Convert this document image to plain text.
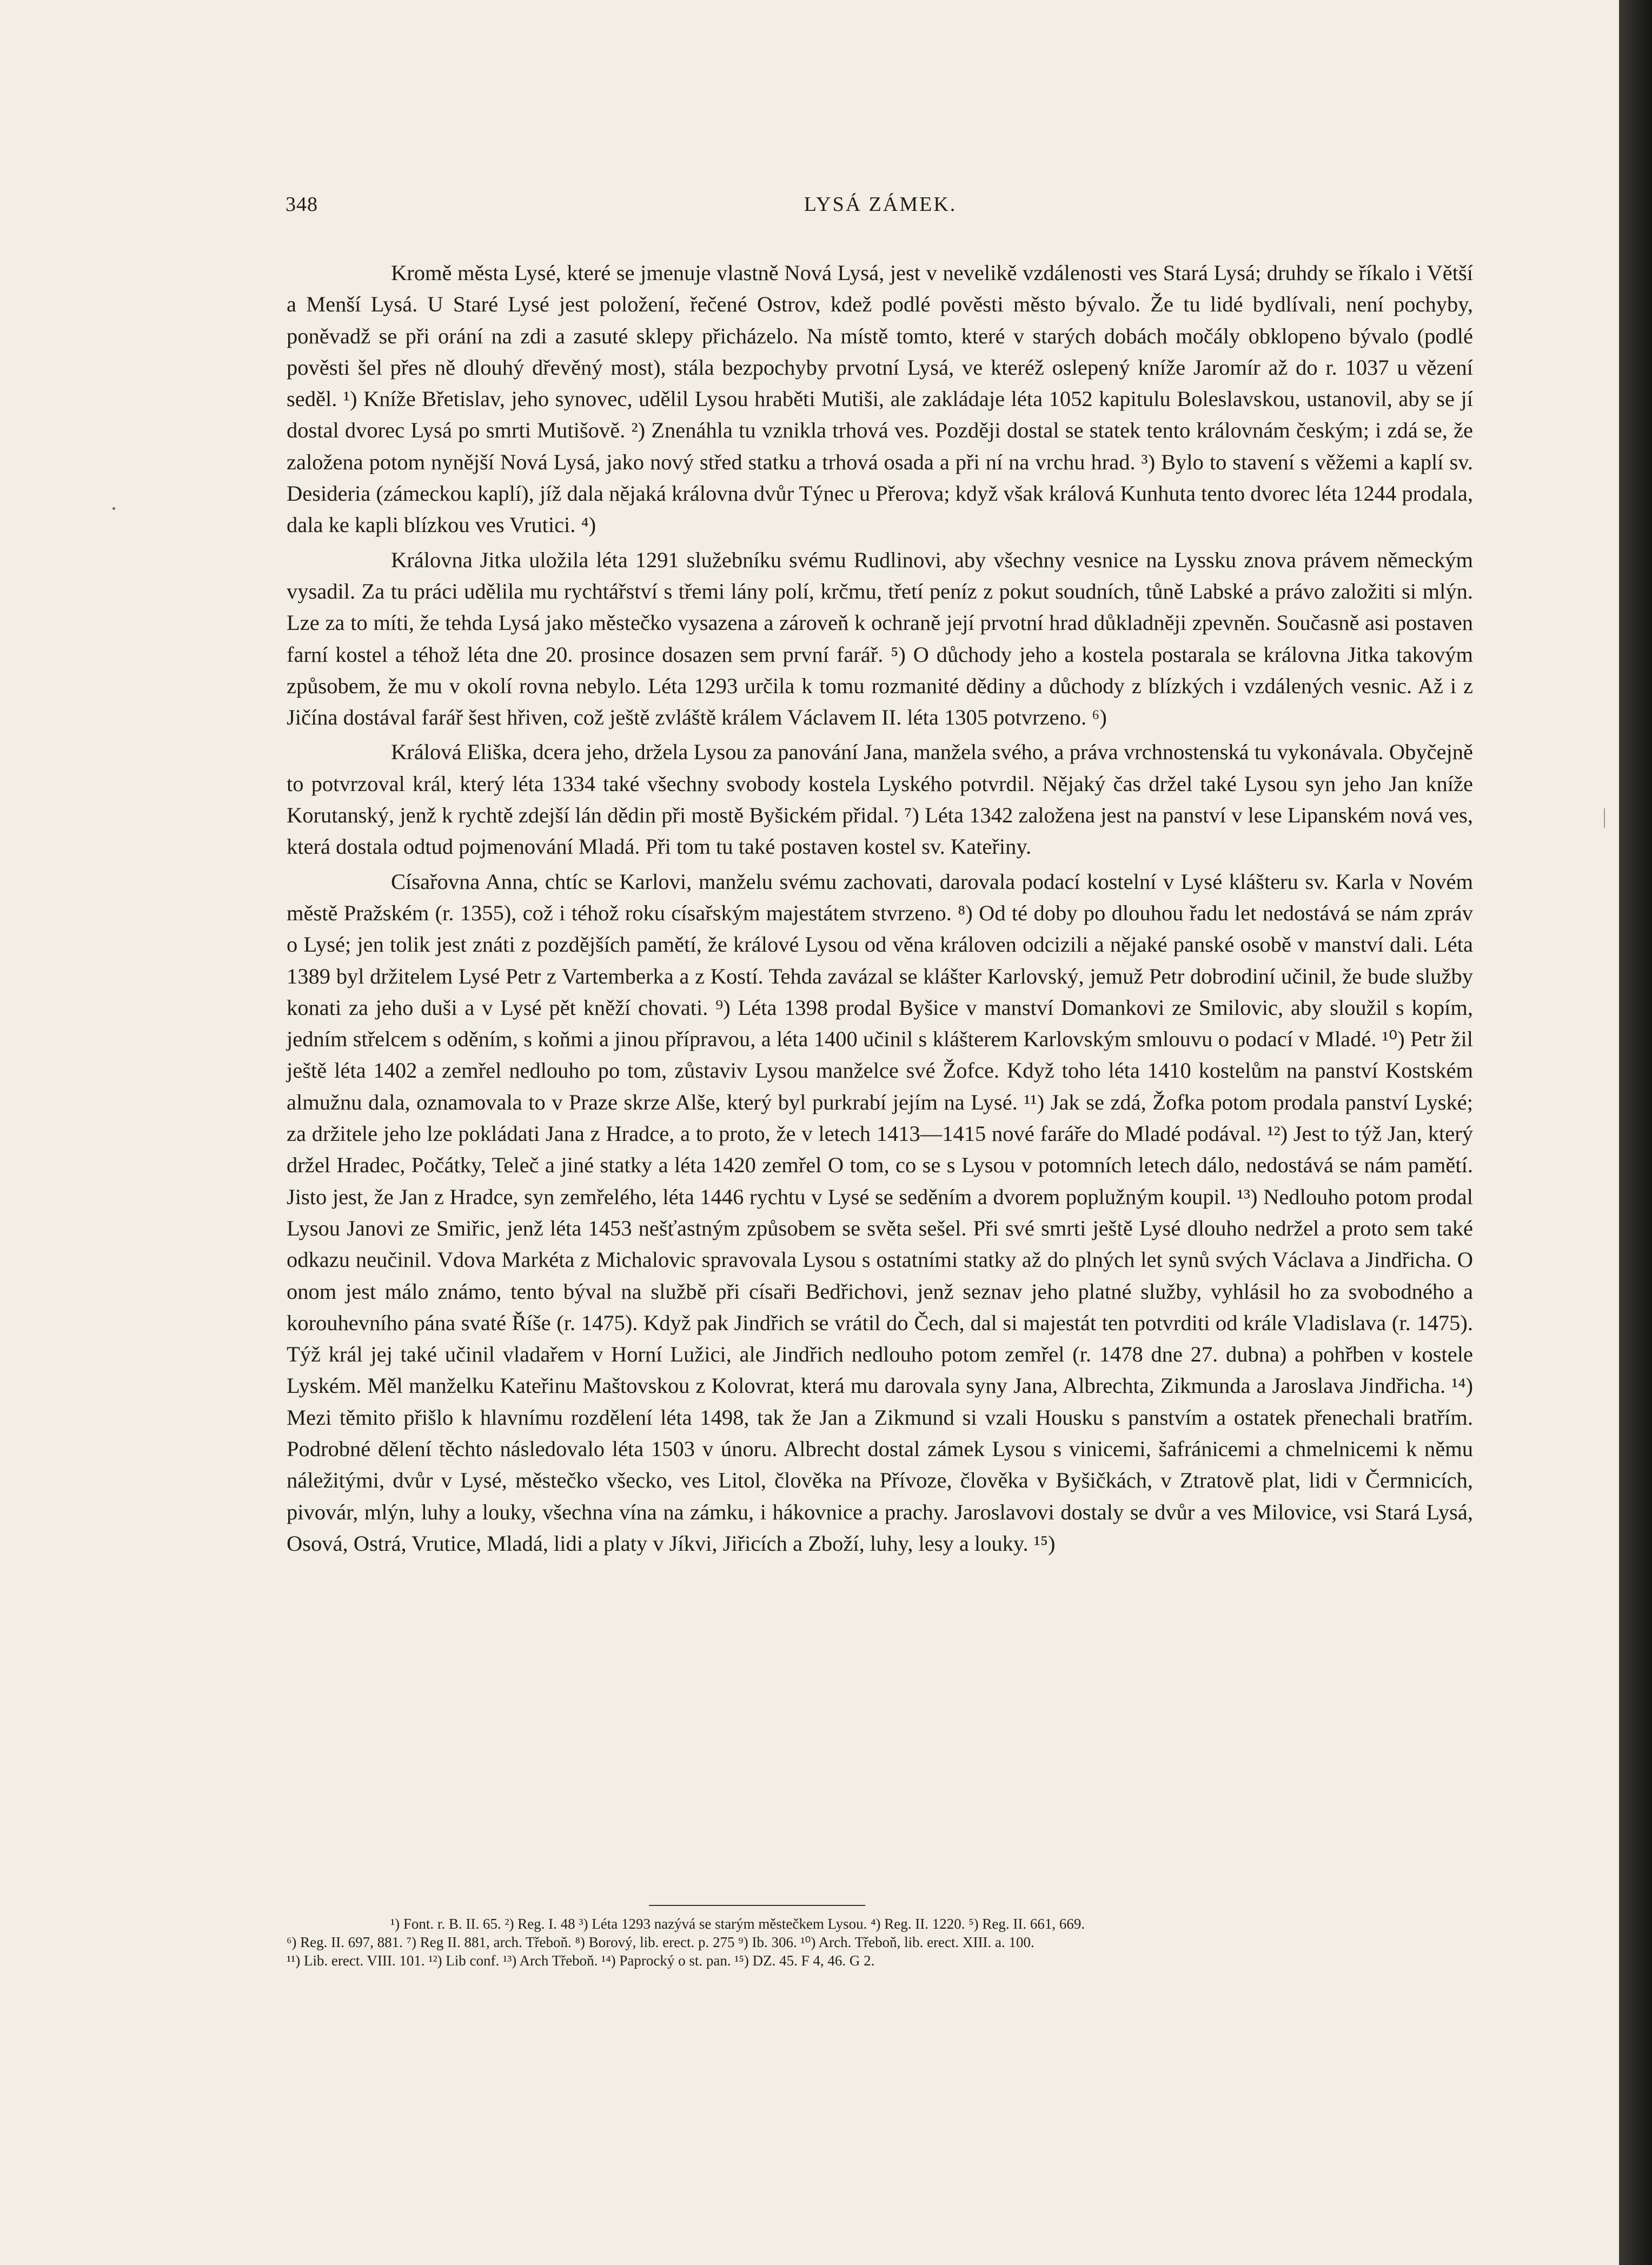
348	LYSÁ ZÁMEK.

Kromě města Lysé, které se jmenuje vlastně Nová Lysá, jest v nevelikě vzdálenosti ves Stará Lysá; druhdy se říkalo i Větší a Menší Lysá. U Staré Lysé jest položení, řečené Ostrov, kdež podlé pověsti město bývalo. Že tu lidé bydlívali, není pochyby, poněvadž se při orání na zdi a zasuté sklepy přicházelo. Na místě tomto, které v starých dobách močály obklopeno bývalo (podlé pověsti šel přes ně dlouhý dřevěný most), stála bezpochyby prvotní Lysá, ve kteréž oslepený kníže Jaromír až do r. 1037 u vězení seděl. ¹) Kníže Břetislav, jeho synovec, udělil Lysou hraběti Mutiši, ale zakládaje léta 1052 kapitulu Boleslavskou, ustanovil, aby se jí dostal dvorec Lysá po smrti Mutišově. ²) Znenáhla tu vznikla trhová ves. Později dostal se statek tento královnám českým; i zdá se, že založena potom nynější Nová Lysá, jako nový střed statku a trhová osada a při ní na vrchu hrad. ³) Bylo to stavení s věžemi a kaplí sv. Desideria (zámeckou kaplí), jíž dala nějaká královna dvůr Týnec u Přerova; když však králová Kunhuta tento dvorec léta 1244 prodala, dala ke kapli blízkou ves Vrutici. ⁴)

Královna Jitka uložila léta 1291 služebníku svému Rudlinovi, aby všechny vesnice na Lyssku znova právem německým vysadil. Za tu práci udělila mu rychtářství s třemi lány polí, krčmu, třetí peníz z pokut soudních, tůně Labské a právo založiti si mlýn. Lze za to míti, že tehda Lysá jako městečko vysazena a zároveň k ochraně její prvotní hrad důkladněji zpevněn. Současně asi postaven farní kostel a téhož léta dne 20. prosince dosazen sem první farář. ⁵) O důchody jeho a kostela postarala se královna Jitka takovým způsobem, že mu v okolí rovna nebylo. Léta 1293 určila k tomu rozmanité dědiny a důchody z blízkých i vzdálených vesnic. Až i z Jičína dostával farář šest hřiven, což ještě zvláště králem Václavem II. léta 1305 potvrzeno. ⁶)

Králová Eliška, dcera jeho, držela Lysou za panování Jana, manžela svého, a práva vrchnostenská tu vykonávala. Obyčejně to potvrzoval král, který léta 1334 také všechny svobody kostela Lyského potvrdil. Nějaký čas držel také Lysou syn jeho Jan kníže Korutanský, jenž k rychtě zdejší lán dědin při mostě Byšickém přidal. ⁷) Léta 1342 založena jest na panství v lese Lipanském nová ves, která dostala odtud pojmenování Mladá. Při tom tu také postaven kostel sv. Kateřiny.

Císařovna Anna, chtíc se Karlovi, manželu svému zachovati, darovala podací kostelní v Lysé klášteru sv. Karla v Novém městě Pražském (r. 1355), což i téhož roku císařským majestátem stvrzeno. ⁸) Od té doby po dlouhou řadu let nedostává se nám zpráv o Lysé; jen tolik jest znáti z pozdějších pamětí, že králové Lysou od věna královen odcizili a nějaké panské osobě v manství dali. Léta 1389 byl držitelem Lysé Petr z Vartemberka a z Kostí. Tehda zavázal se klášter Karlovský, jemuž Petr dobrodiní učinil, že bude služby konati za jeho duši a v Lysé pět kněží chovati. ⁹) Léta 1398 prodal Byšice v manství Domankovi ze Smilovic, aby sloužil s kopím, jedním střelcem s oděním, s koňmi a jinou přípravou, a léta 1400 učinil s klášterem Karlovským smlouvu o podací v Mladé. ¹⁰) Petr žil ještě léta 1402 a zemřel nedlouho po tom, zůstaviv Lysou manželce své Žofce. Když toho léta 1410 kostelům na panství Kostském almužnu dala, oznamovala to v Praze skrze Alše, který byl purkrabí jejím na Lysé. ¹¹) Jak se zdá, Žofka potom prodala panství Lyské; za držitele jeho lze pokládati Jana z Hradce, a to proto, že v letech 1413—1415 nové faráře do Mladé podával. ¹²) Jest to týž Jan, který držel Hradec, Počátky, Teleč a jiné statky a léta 1420 zemřel O tom, co se s Lysou v potomních letech dálo, nedostává se nám pamětí. Jisto jest, že Jan z Hradce, syn zemřelého, léta 1446 rychtu v Lysé se seděním a dvorem poplužným koupil. ¹³) Nedlouho potom prodal Lysou Janovi ze Smiřic, jenž léta 1453 nešťastným způsobem se světa sešel. Při své smrti ještě Lysé dlouho nedržel a proto sem také odkazu neučinil. Vdova Markéta z Michalovic spravovala Lysou s ostatními statky až do plných let synů svých Václava a Jindřicha. O onom jest málo známo, tento býval na službě při císaři Bedřichovi, jenž seznav jeho platné služby, vyhlásil ho za svobodného a korouhevního pána svaté Říše (r. 1475). Když pak Jindřich se vrátil do Čech, dal si majestát ten potvrditi od krále Vladislava (r. 1475). Týž král jej také učinil vladařem v Horní Lužici, ale Jindřich nedlouho potom zemřel (r. 1478 dne 27. dubna) a pohřben v kostele Lyském. Měl manželku Kateřinu Maštovskou z Kolovrat, která mu darovala syny Jana, Albrechta, Zikmunda a Jaroslava Jindřicha. ¹⁴) Mezi těmito přišlo k hlavnímu rozdělení léta 1498, tak že Jan a Zikmund si vzali Housku s panstvím a ostatek přenechali bratřím. Podrobné dělení těchto následovalo léta 1503 v únoru. Albrecht dostal zámek Lysou s vinicemi, šafránicemi a chmelnicemi k němu náležitými, dvůr v Lysé, městečko všecko, ves Litol, člověka na Přívoze, člověka v Byšičkách, v Ztratově plat, lidi v Čermnicích, pivovár, mlýn, luhy a louky, všechna vína na zámku, i hákovnice a prachy. Jaroslavovi dostaly se dvůr a ves Milovice, vsi Stará Lysá, Osová, Ostrá, Vrutice, Mladá, lidi a platy v Jíkvi, Jiřicích a Zboží, luhy, lesy a louky. ¹⁵)

¹) Font. r. B. II. 65. ²) Reg. I. 48 ³) Léta 1293 nazývá se starým městečkem Lysou. ⁴) Reg. II. 1220. ⁵) Reg. II. 661, 669.
⁶) Reg. II. 697, 881. ⁷) Reg II. 881, arch. Třeboň. ⁸) Borový, lib. erect. p. 275 ⁹) Ib. 306. ¹⁰) Arch. Třeboň, lib. erect. XIII. a. 100.
¹¹) Lib. erect. VIII. 101. ¹²) Lib conf. ¹³) Arch Třeboň. ¹⁴) Paprocký o st. pan. ¹⁵) DZ. 45. F 4, 46. G 2.
